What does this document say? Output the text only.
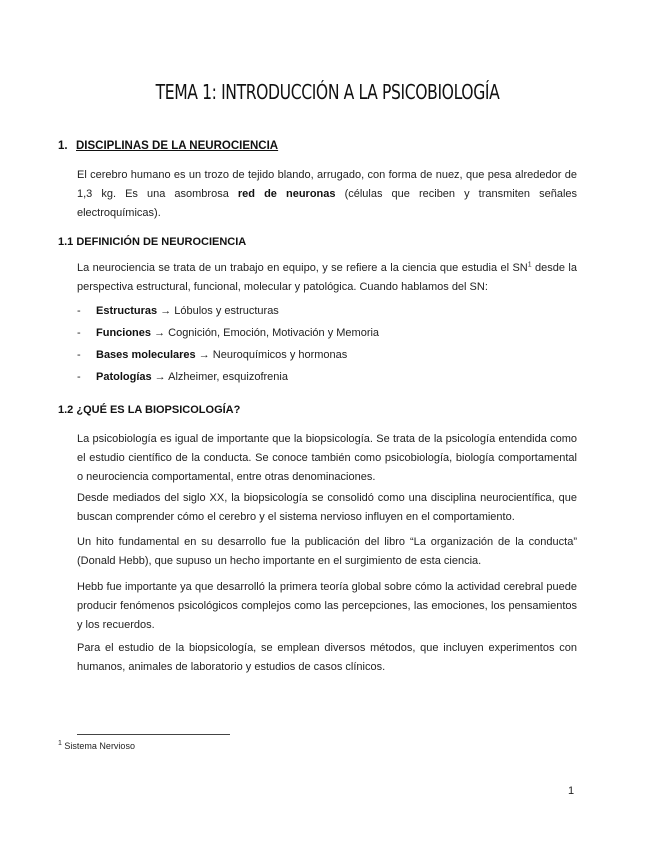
TEMA 1: INTRODUCCIÓN A LA PSICOBIOLOGÍA
1. DISCIPLINAS DE LA NEUROCIENCIA
El cerebro humano es un trozo de tejido blando, arrugado, con forma de nuez, que pesa alrededor de 1,3 kg. Es una asombrosa red de neuronas (células que reciben y transmiten señales electroquímicas).
1.1 DEFINICIÓN DE NEUROCIENCIA
La neurociencia se trata de un trabajo en equipo, y se refiere a la ciencia que estudia el $SN^1$ desde la perspectiva estructural, funcional, molecular y patológica. Cuando hablamos del SN:
- Estructuras → Lóbulos y estructuras
- Funciones → Cognición, Emoción, Motivación y Memoria
- Bases moleculares → Neuroquímicos y hormonas
- Patologías → Alzheimer, esquizofrenia
1.2 ¿QUÉ ES LA BIOPSICOLOGÍA?
La psicobiología es igual de importante que la biopsicología. Se trata de la psicología entendida como el estudio científico de la conducta. Se conoce también como psicobiología, biología comportamental o neurociencia comportamental, entre otras denominaciones.
Desde mediados del siglo XX, la biopsicología se consolidó como una disciplina neurocientífica, que buscan comprender cómo el cerebro y el sistema nervioso influyen en el comportamiento.
Un hito fundamental en su desarrollo fue la publicación del libro “La organización de la conducta” (Donald Hebb), que supuso un hecho importante en el surgimiento de esta ciencia.
Hebb fue importante ya que desarrolló la primera teoría global sobre cómo la actividad cerebral puede producir fenómenos psicológicos complejos como las percepciones, las emociones, los pensamientos y los recuerdos.
Para el estudio de la biopsicología, se emplean diversos métodos, que incluyen experimentos con humanos, animales de laboratorio y estudios de casos clínicos.
$^1$ Sistema Nervioso
1
